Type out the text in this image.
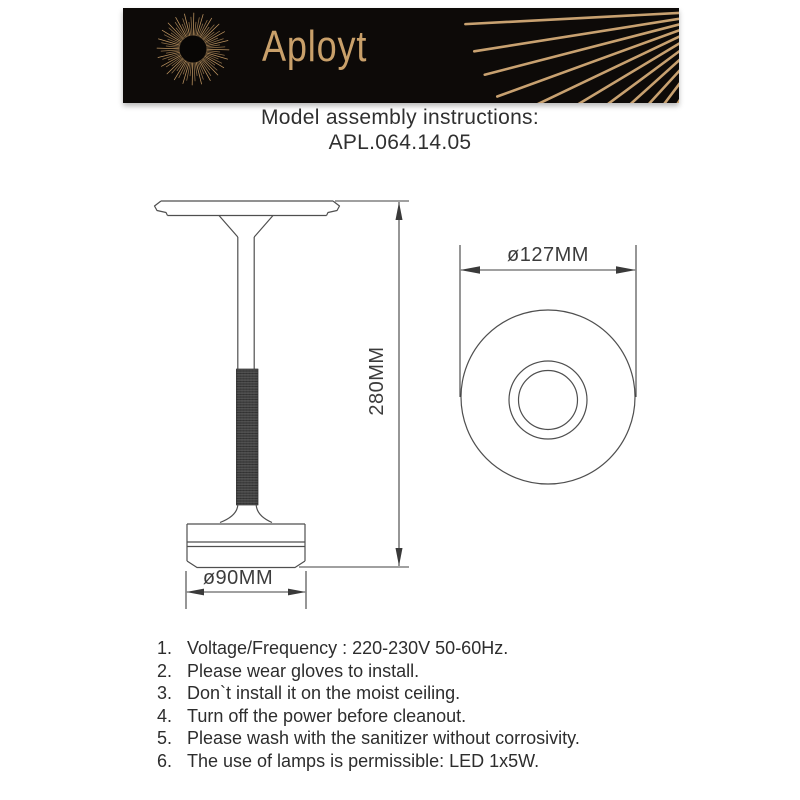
Aployt
Model assembly instructions:
APL.064.14.05
280MM
ø90MM
ø127MM
1. Voltage/Frequency : 220-230V 50-60Hz.
2. Please wear gloves to install.
3. Don`t install it on the moist ceiling.
4. Turn off the power before cleanout.
5. Please wash with the sanitizer without corrosivity.
6. The use of lamps is permissible: LED 1x5W.
